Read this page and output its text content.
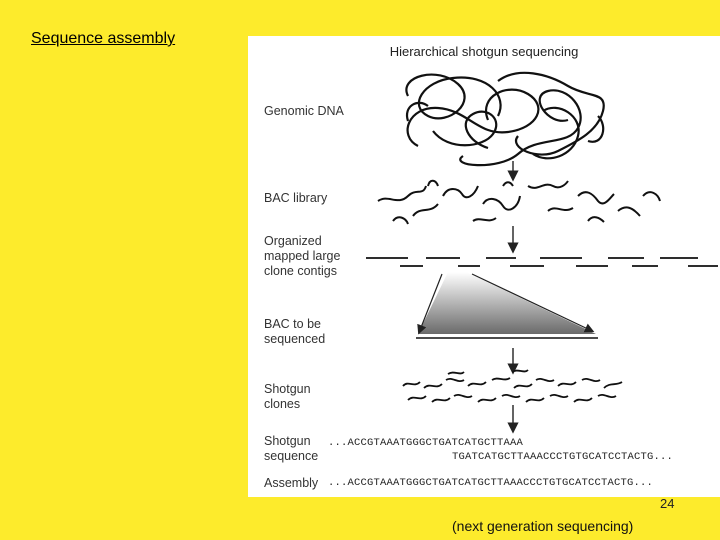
Sequence assembly
Hierarchical shotgun sequencing
Genomic DNA
BAC library
Organized
mapped large
clone contigs
BAC to be
sequenced
Shotgun
clones
Shotgun
sequence
Assembly
...ACCGTAAATGGGCTGATCATGCTTAAA
TGATCATGCTTAAACCCTGTGCATCCTACTG...
...ACCGTAAATGGGCTGATCATGCTTAAACCCTGTGCATCCTACTG...
24
(next generation sequencing)
